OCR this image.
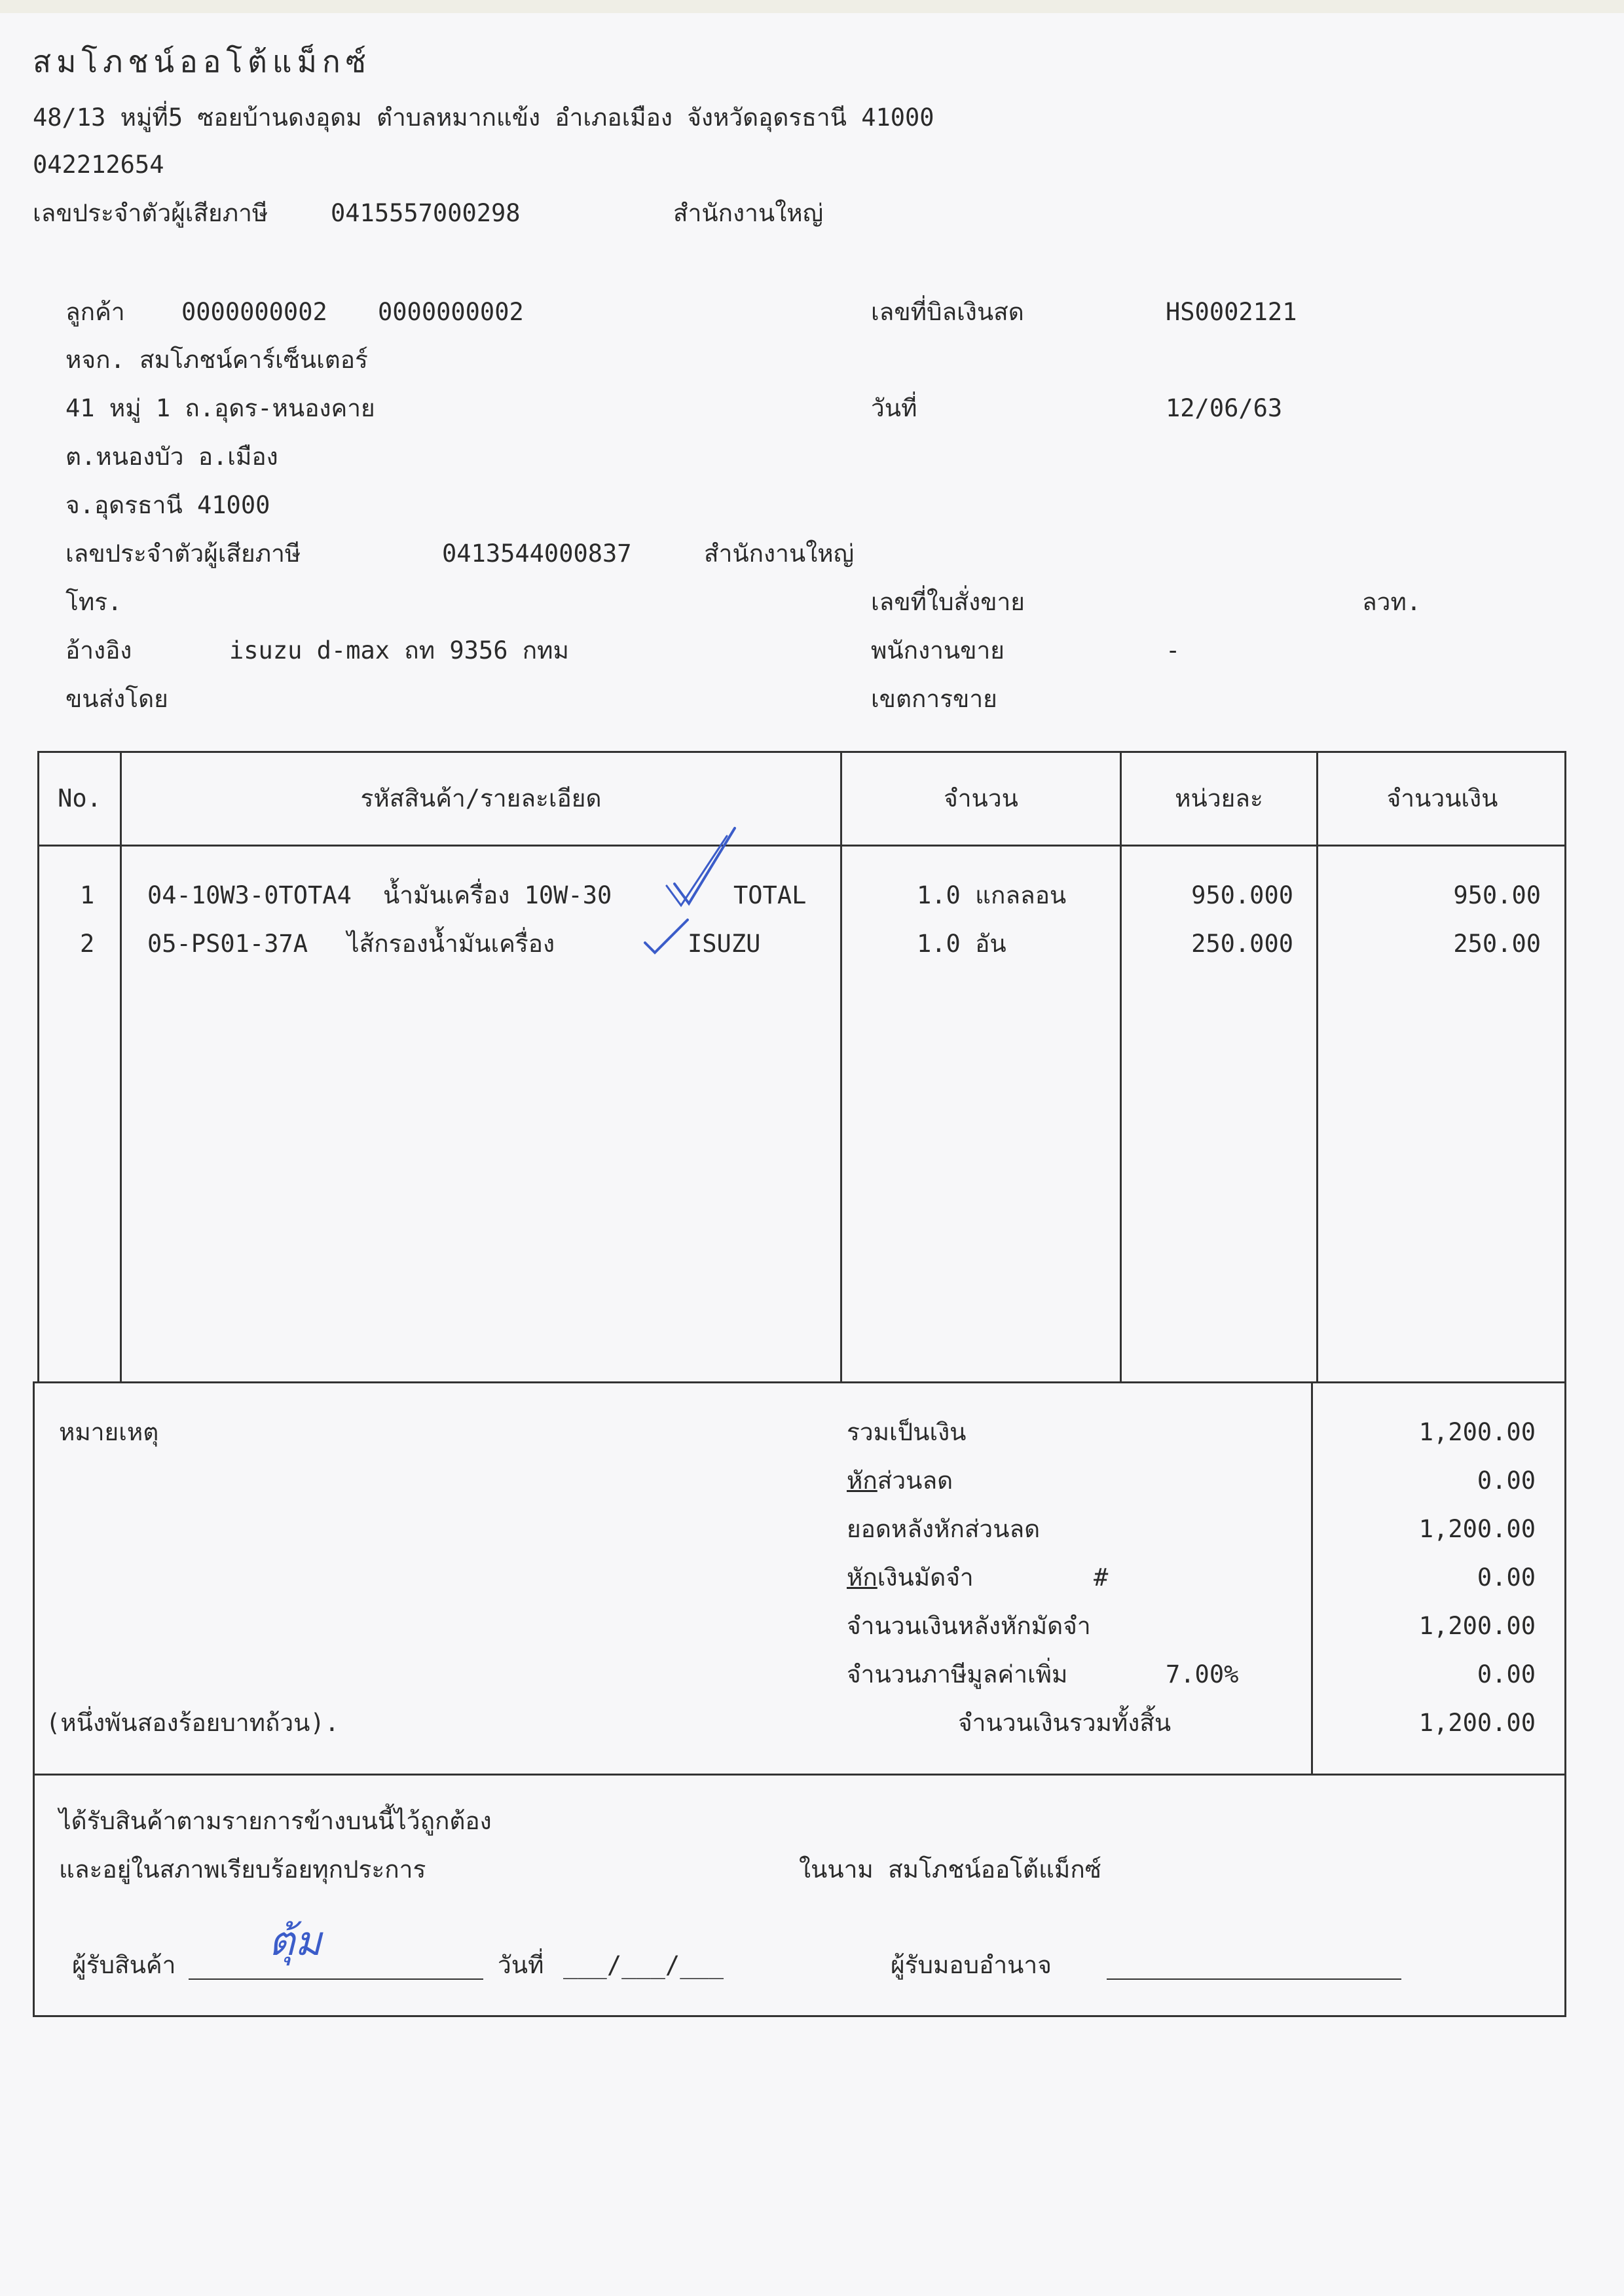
สมโภชน์ออโต้แม็กซ์
48/13 หมู่ที่5 ซอยบ้านดงอุดม ตำบลหมากแข้ง อำเภอเมือง จังหวัดอุดรธานี 41000
042212654
เลขประจำตัวผู้เสียภาษี	0415557000298	สำนักงานใหญ่
ลูกค้า 0000000002 0000000002
หจก. สมโภชน์คาร์เซ็นเตอร์
41 หมู่ 1 ถ.อุดร-หนองคาย
ต.หนองบัว อ.เมือง
จ.อุดรธานี 41000
เลขประจำตัวผู้เสียภาษี	0413544000837	สำนักงานใหญ่
โทร.
อ้างอิง	isuzu d-max ถท 9356 กทม
ขนส่งโดย
เลขที่บิลเงินสด	HS0002121
วันที่	12/06/63
เลขที่ใบสั่งขาย	ลวท.
พนักงานขาย	-
เขตการขาย
No.	รหัสสินค้า/รายละเอียด	จำนวน	หน่วยละ	จำนวนเงิน
1 04-10W3-0TOTA4 น้ำมันเครื่อง 10W-30	TOTAL	1.0 แกลลอน	950.000	950.00
2 05-PS01-37A ไส้กรองน้ำมันเครื่อง	ISUZU	1.0 อัน	250.000	250.00
หมายเหตุ
(หนึ่งพันสองร้อยบาทถ้วน).
รวมเป็นเงิน	1,200.00
หักส่วนลด	0.00
ยอดหลังหักส่วนลด	1,200.00
หักเงินมัดจำ	#	0.00
จำนวนเงินหลังหักมัดจำ	1,200.00
จำนวนภาษีมูลค่าเพิ่ม	7.00%	0.00
จำนวนเงินรวมทั้งสิ้น	1,200.00
ได้รับสินค้าตามรายการข้างบนนี้ไว้ถูกต้อง
และอยู่ในสภาพเรียบร้อยทุกประการ	ในนาม สมโภชน์ออโต้แม็กซ์
ผู้รับสินค้า
ตุ้ม
วันที่ ___/___/___	ผู้รับมอบอำนาจ
